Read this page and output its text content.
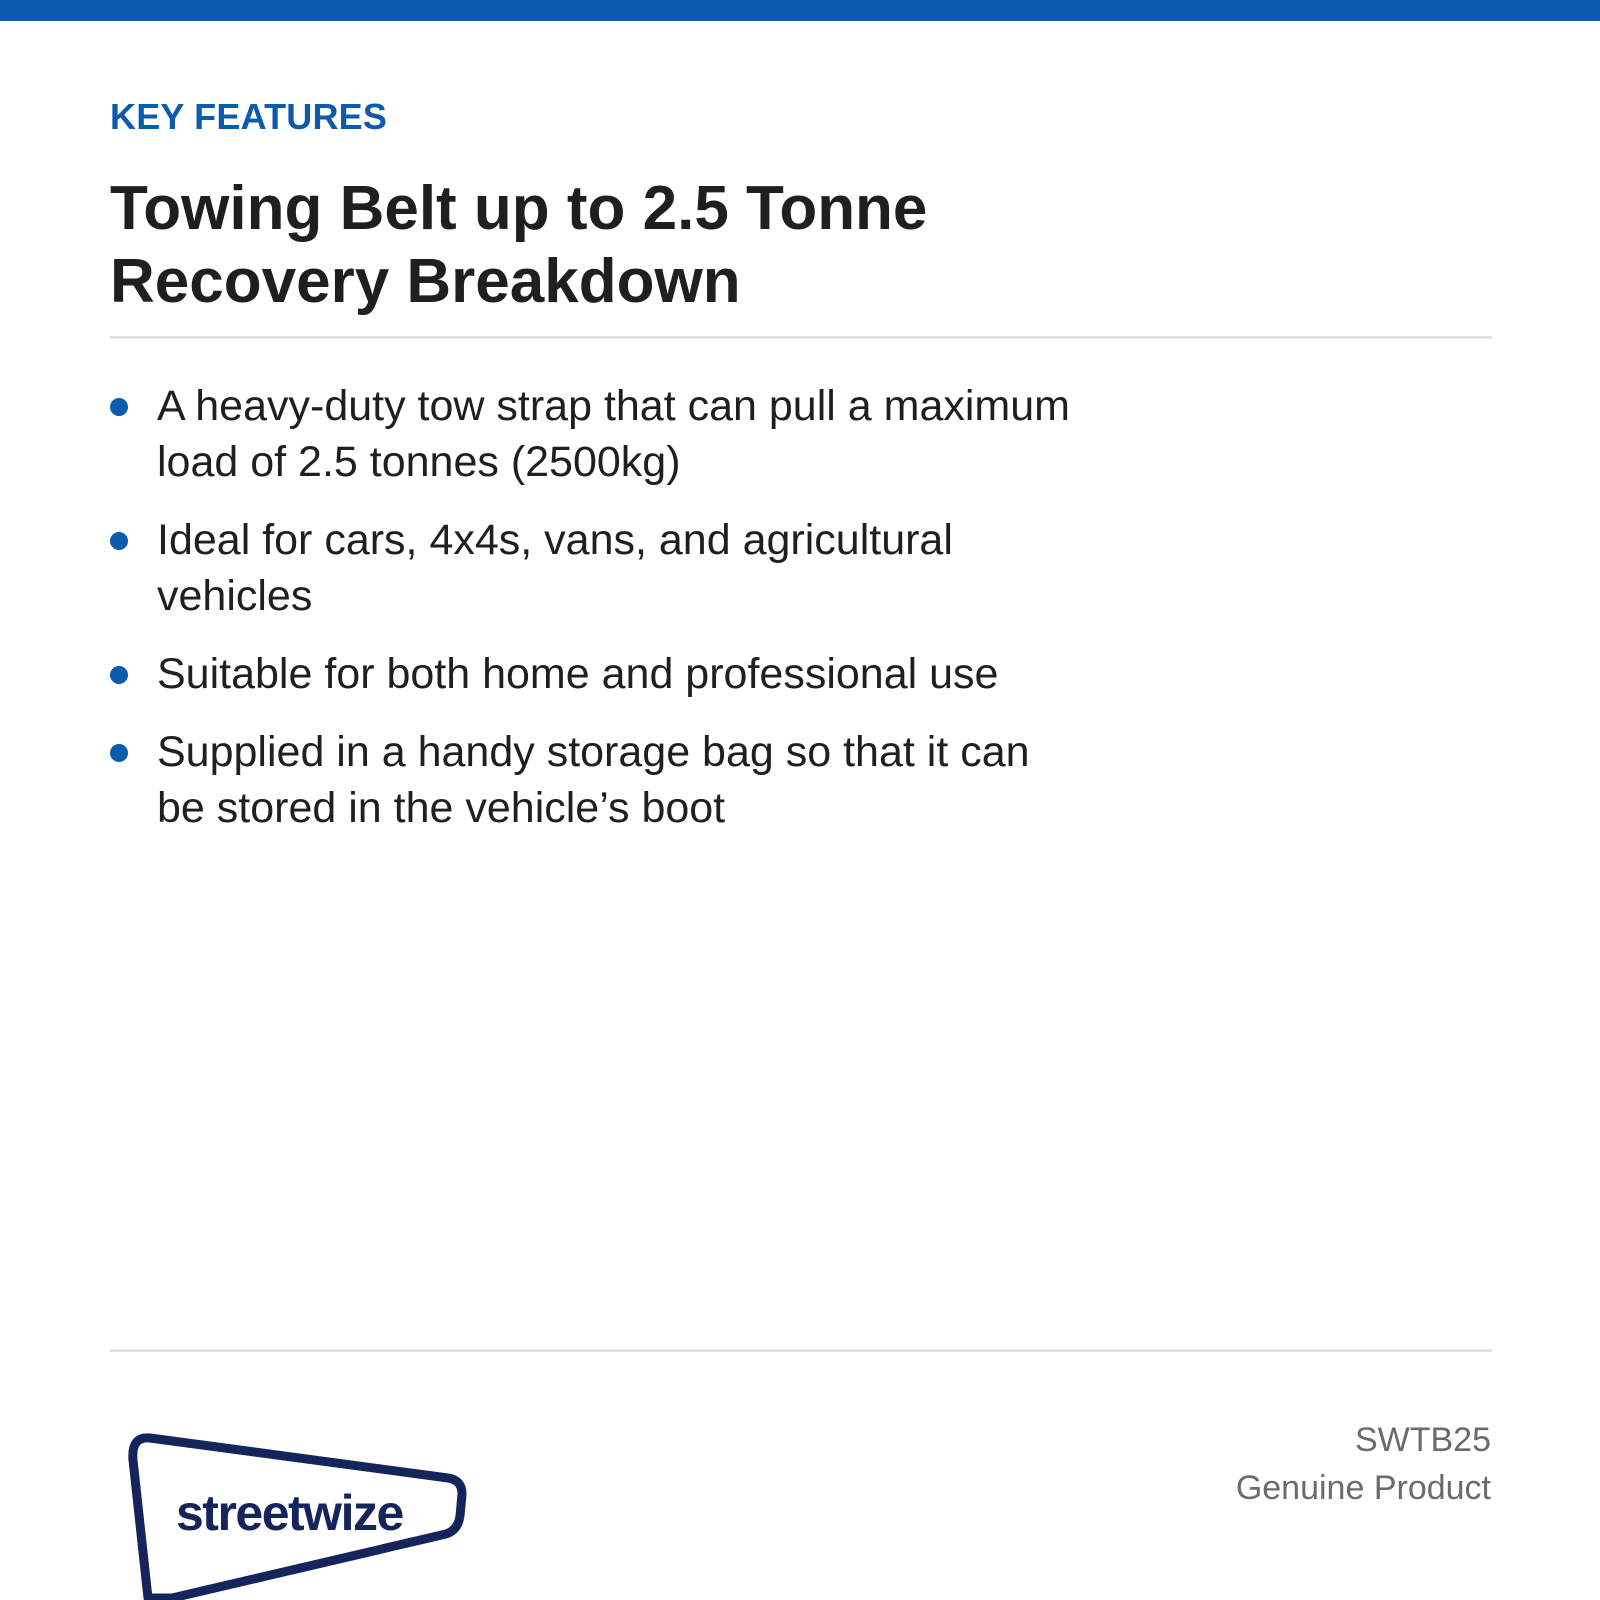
KEY FEATURES
Towing Belt up to 2.5 Tonne
Recovery Breakdown
A heavy-duty tow strap that can pull a maximum load of 2.5 tonnes (2500kg)
Ideal for cars, 4x4s, vans, and agricultural vehicles
Suitable for both home and professional use
Supplied in a handy storage bag so that it can be stored in the vehicle’s boot
streetwize
SWTB25
Genuine Product
